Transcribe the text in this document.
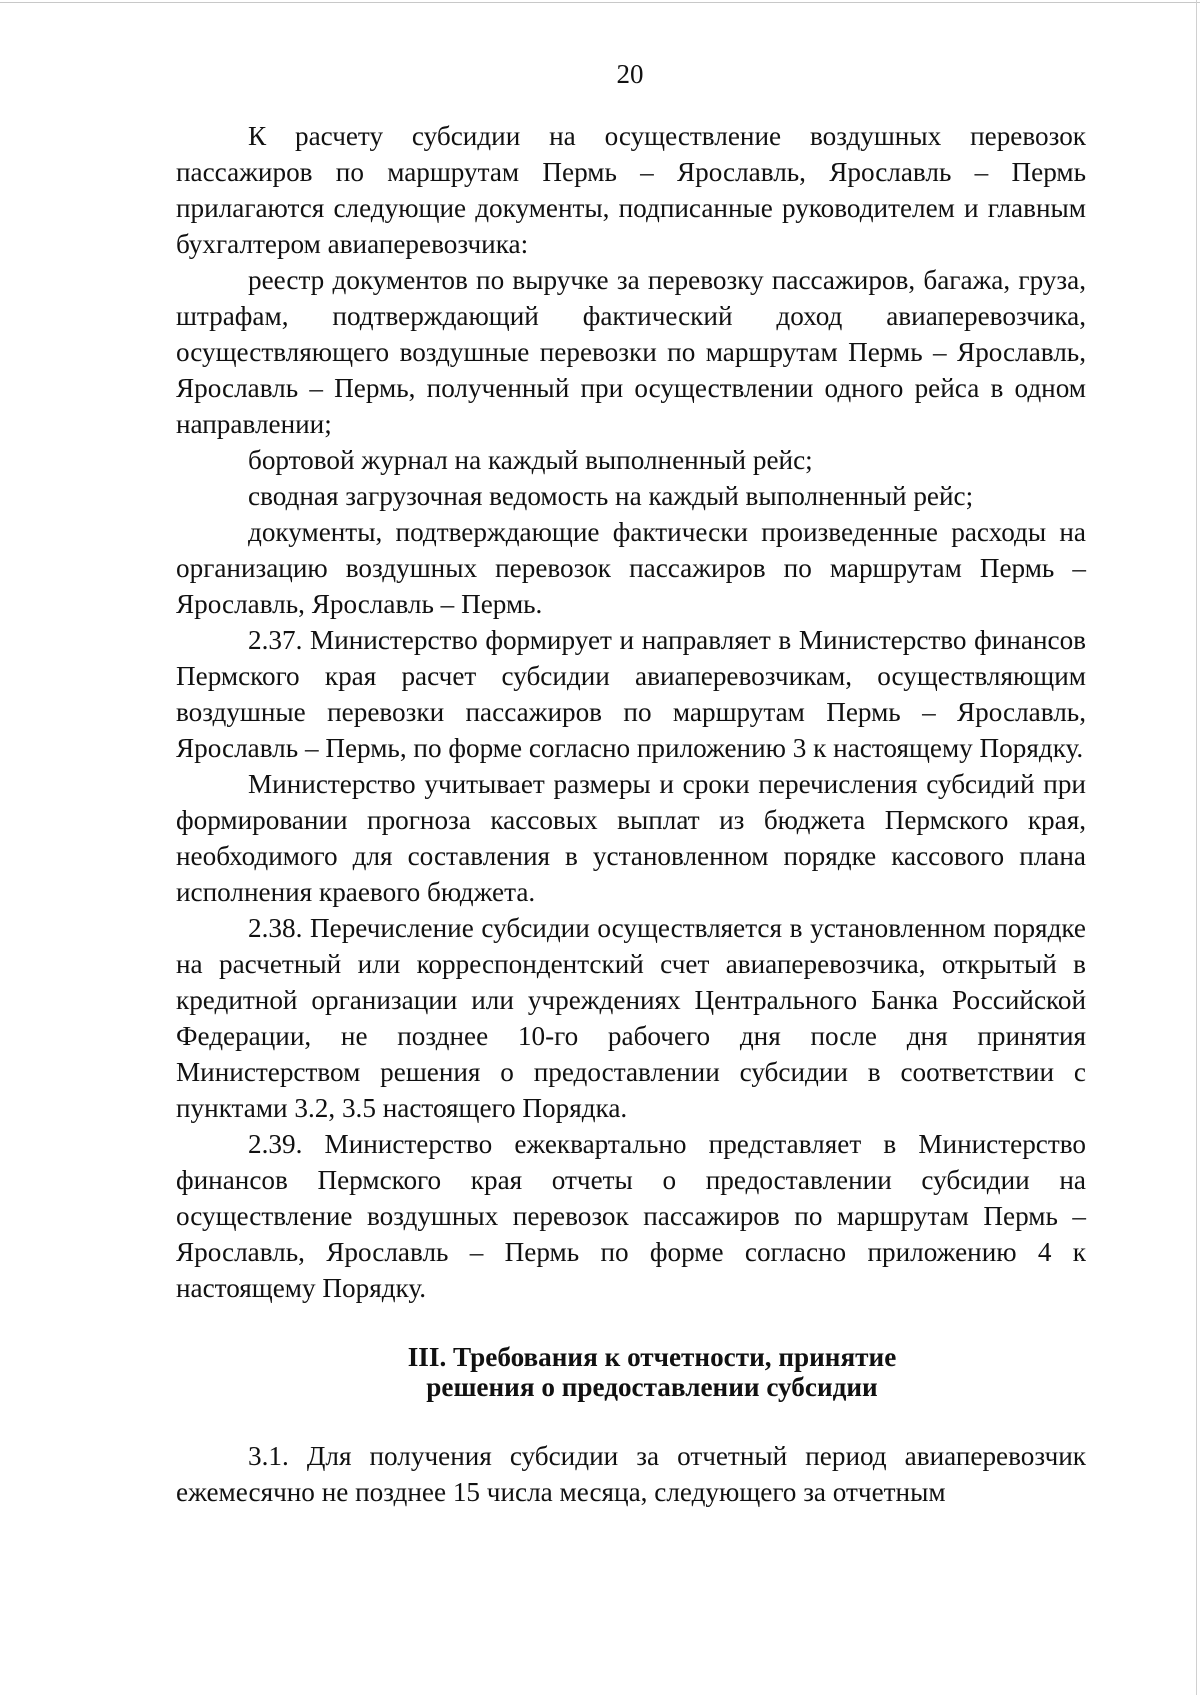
20

К расчету субсидии на осуществление воздушных перевозок пассажиров по маршрутам Пермь – Ярославль, Ярославль – Пермь прилагаются следующие документы, подписанные руководителем и главным бухгалтером авиаперевозчика:

реестр документов по выручке за перевозку пассажиров, багажа, груза, штрафам, подтверждающий фактический доход авиаперевозчика, осуществляющего воздушные перевозки по маршрутам Пермь – Ярославль, Ярославль – Пермь, полученный при осуществлении одного рейса в одном направлении;

бортовой журнал на каждый выполненный рейс;

сводная загрузочная ведомость на каждый выполненный рейс;

документы, подтверждающие фактически произведенные расходы на организацию воздушных перевозок пассажиров по маршрутам Пермь – Ярославль, Ярославль – Пермь.

2.37. Министерство формирует и направляет в Министерство финансов Пермского края расчет субсидии авиаперевозчикам, осуществляющим воздушные перевозки пассажиров по маршрутам Пермь – Ярославль, Ярославль – Пермь, по форме согласно приложению 3 к настоящему Порядку.

Министерство учитывает размеры и сроки перечисления субсидий при формировании прогноза кассовых выплат из бюджета Пермского края, необходимого для составления в установленном порядке кассового плана исполнения краевого бюджета.

2.38. Перечисление субсидии осуществляется в установленном порядке на расчетный или корреспондентский счет авиаперевозчика, открытый в кредитной организации или учреждениях Центрального Банка Российской Федерации, не позднее 10-го рабочего дня после дня принятия Министерством решения о предоставлении субсидии в соответствии с пунктами 3.2, 3.5 настоящего Порядка.

2.39. Министерство ежеквартально представляет в Министерство финансов Пермского края отчеты о предоставлении субсидии на осуществление воздушных перевозок пассажиров по маршрутам Пермь – Ярославль, Ярославль – Пермь по форме согласно приложению 4 к настоящему Порядку.

III. Требования к отчетности, принятие

решения о предоставлении субсидии

3.1. Для получения субсидии за отчетный период авиаперевозчик ежемесячно не позднее 15 числа месяца, следующего за отчетным
